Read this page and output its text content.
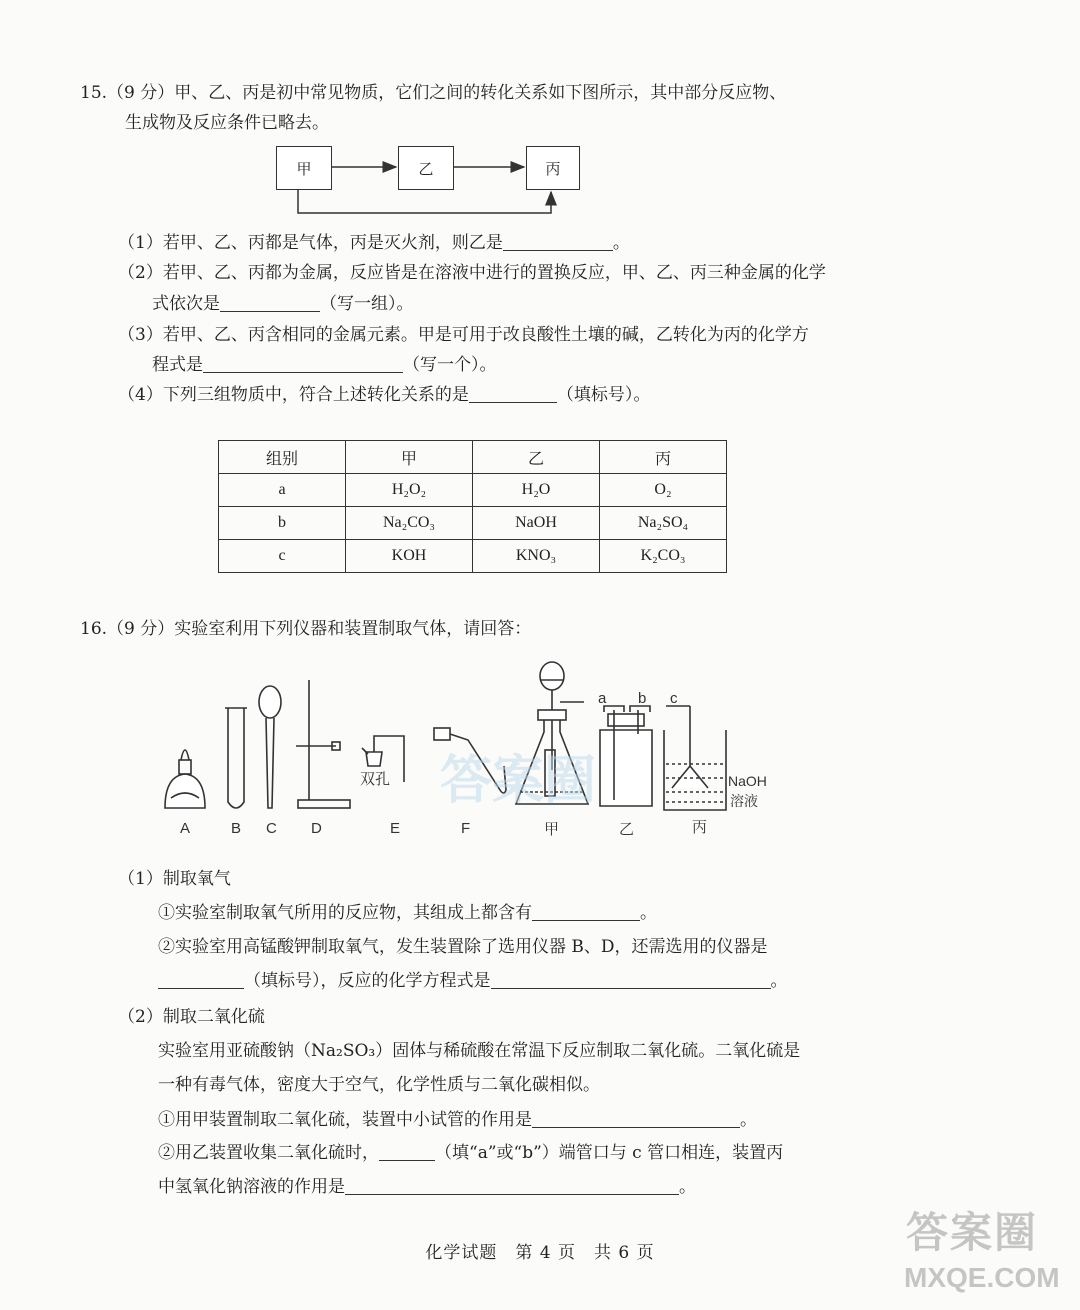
15.（9 分）甲、乙、丙是初中常见物质，它们之间的转化关系如下图所示，其中部分反应物、
生成物及反应条件已略去。
甲	乙	丙
（1）若甲、乙、丙都是气体，丙是灭火剂，则乙是	。
（2）若甲、乙、丙都为金属，反应皆是在溶液中进行的置换反应，甲、乙、丙三种金属的化学
式依次是	（写一组）。
（3）若甲、乙、丙含相同的金属元素。甲是可用于改良酸性土壤的碱，乙转化为丙的化学方
程式是	（写一个）。
（4）下列三组物质中，符合上述转化关系的是	（填标号）。
组别	甲	乙	丙
a	H₂O₂	H₂O	O₂
b	Na₂CO₃	NaOH	Na₂SO₄
c	KOH	KNO₃	K₂CO₃
16.（9 分）实验室利用下列仪器和装置制取气体，请回答：
双孔
a b c
NaOH
溶液
A	B C D	E	F	甲	乙	丙
答案圈
（1）制取氧气
①实验室制取氧气所用的反应物，其组成上都含有	。
②实验室用高锰酸钾制取氧气，发生装置除了选用仪器 B、D，还需选用的仪器是
（填标号），反应的化学方程式是	。
（2）制取二氧化硫
实验室用亚硫酸钠（Na₂SO₃）固体与稀硫酸在常温下反应制取二氧化硫。二氧化硫是
一种有毒气体，密度大于空气，化学性质与二氧化碳相似。
①用甲装置制取二氧化硫，装置中小试管的作用是	。
②用乙装置收集二氧化硫时，	（填“a”或“b”）端管口与 c 管口相连，装置丙
中氢氧化钠溶液的作用是	。
化学试题　第 4 页　共 6 页	答案圈
MXQE.COM
